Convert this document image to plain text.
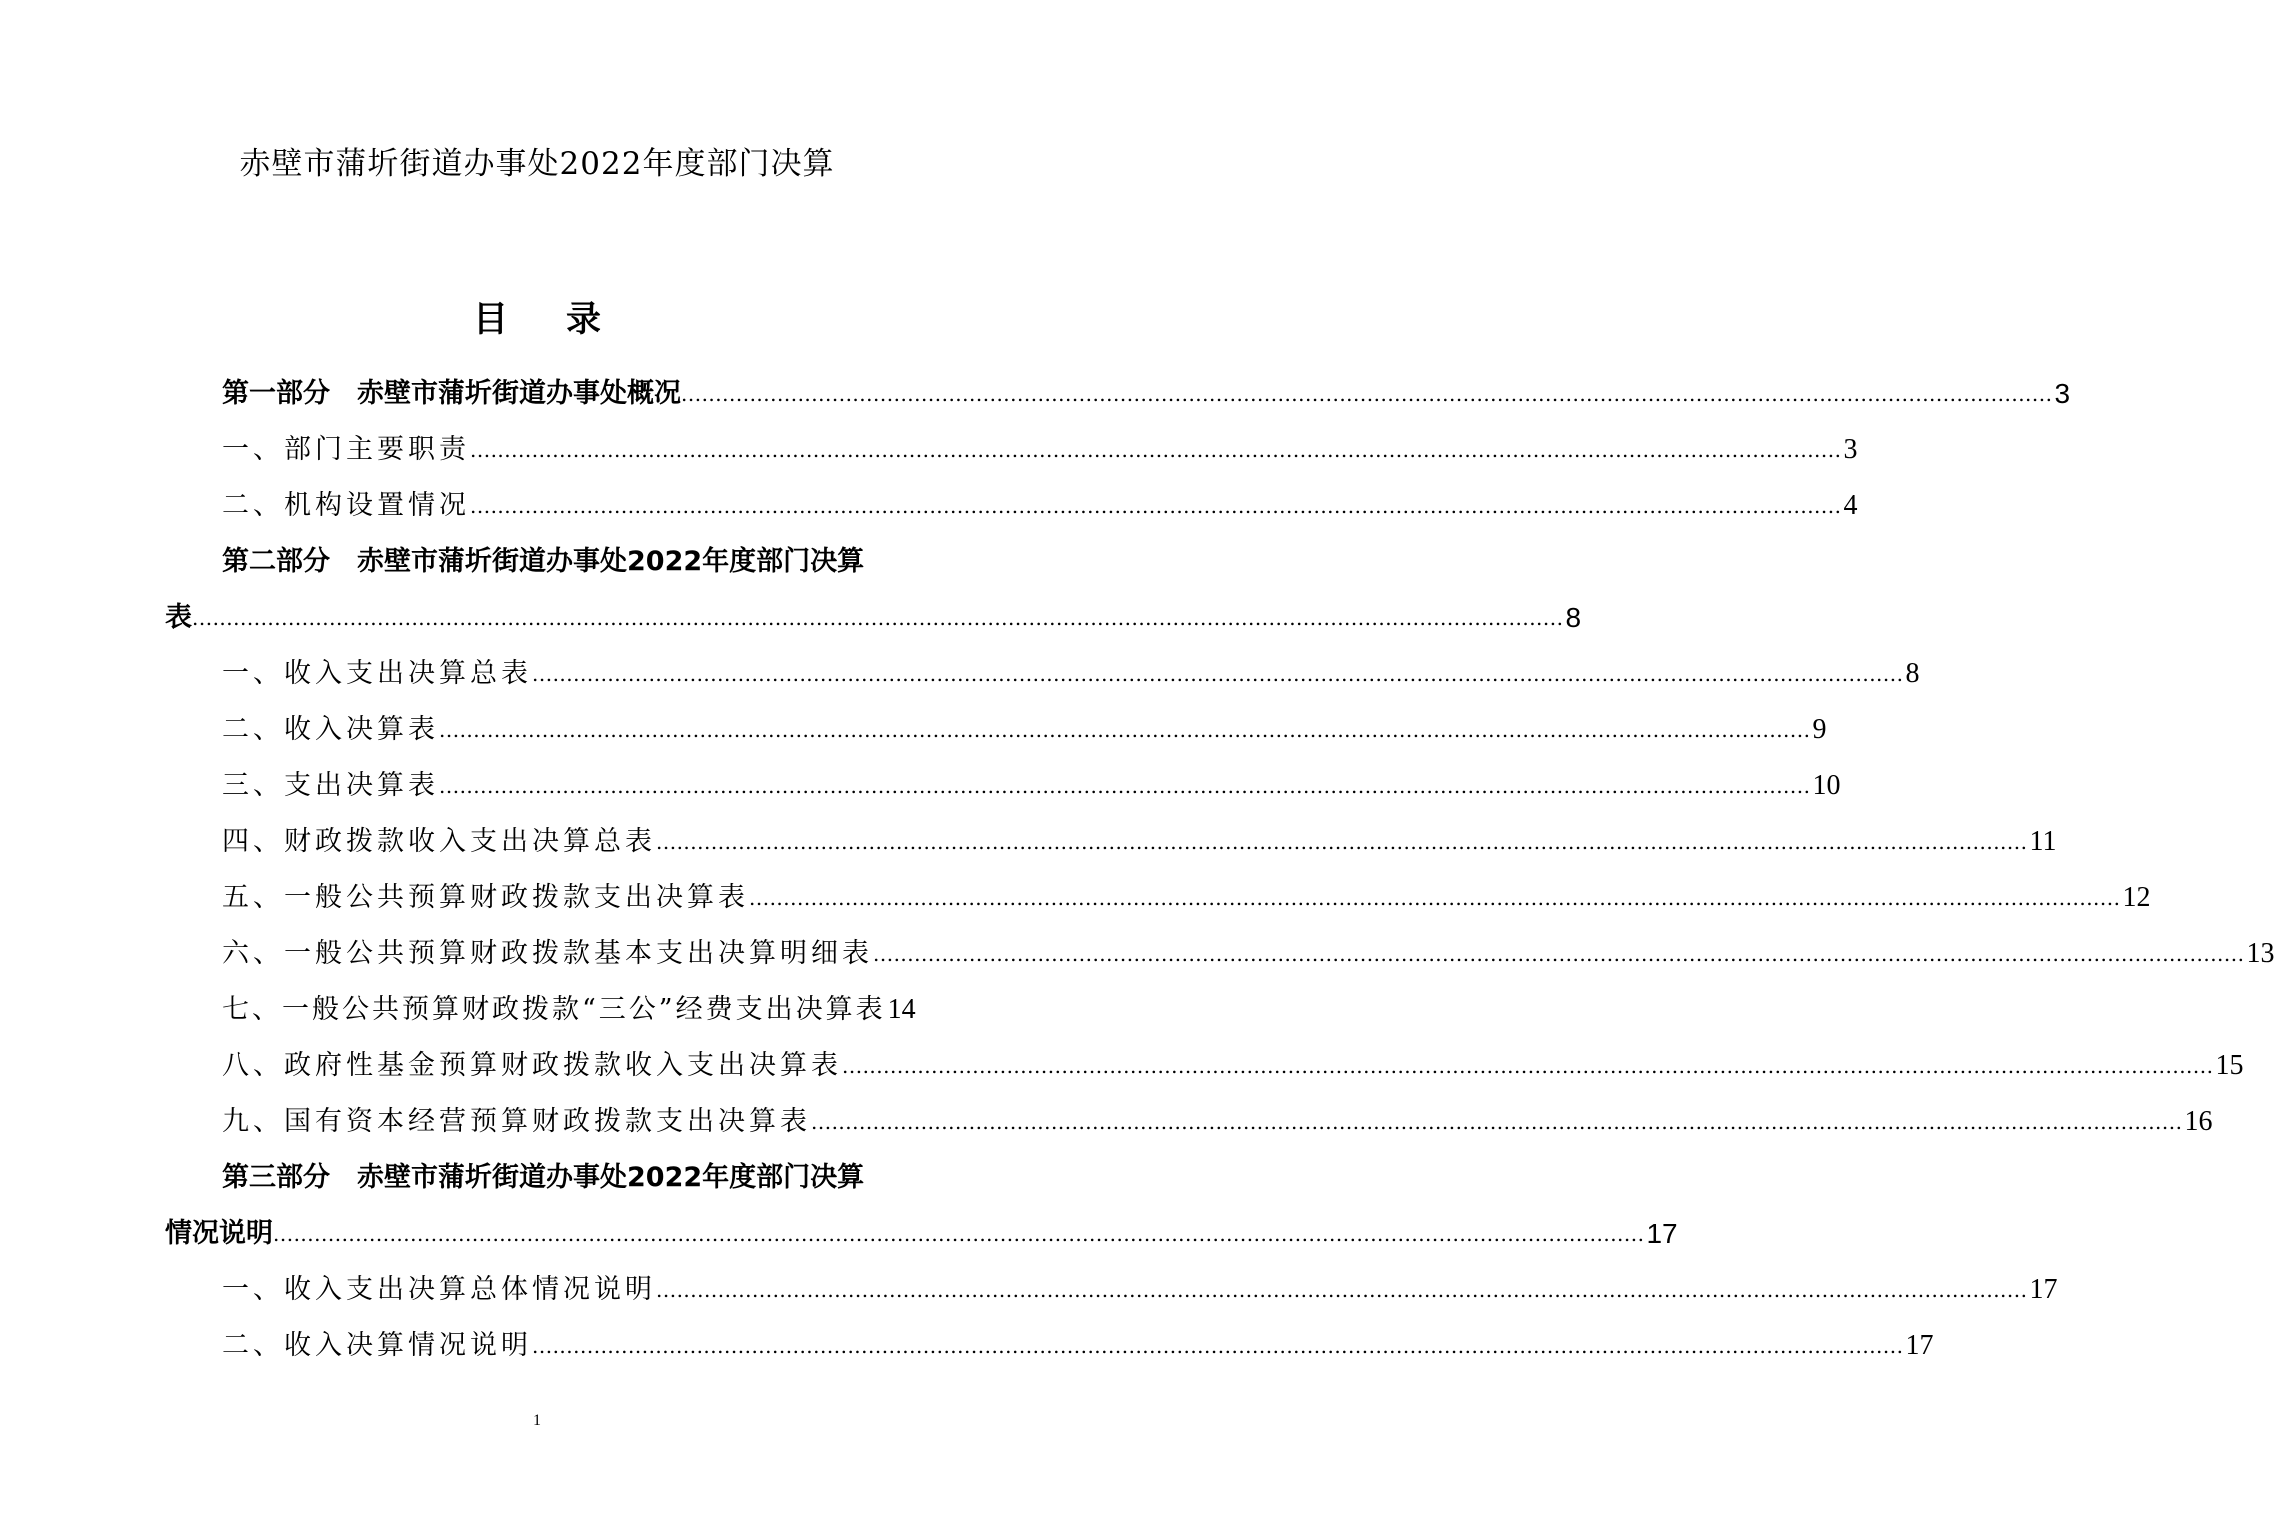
赤壁市蒲圻街道办事处2022年度部门决算
目 录
第一部分　赤壁市蒲圻街道办事处概况 ........................................................................................................................................................................................................ 3
一、部门主要职责 ........................................................................................................................................................................................................ 3
二、机构设置情况 ........................................................................................................................................................................................................ 4
第二部分　赤壁市蒲圻街道办事处2022年度部门决算
表 ........................................................................................................................................................................................................ 8
一、收入支出决算总表 ........................................................................................................................................................................................................ 8
二、收入决算表 ........................................................................................................................................................................................................ 9
三、支出决算表 ........................................................................................................................................................................................................ 10
四、财政拨款收入支出决算总表 ........................................................................................................................................................................................................ 11
五、一般公共预算财政拨款支出决算表 ........................................................................................................................................................................................................ 12
六、一般公共预算财政拨款基本支出决算明细表 ........................................................................................................................................................................................................ 13
七、一般公共预算财政拨款“三公”经费支出决算表 14
八、政府性基金预算财政拨款收入支出决算表 ........................................................................................................................................................................................................ 15
九、国有资本经营预算财政拨款支出决算表 ........................................................................................................................................................................................................ 16
第三部分　赤壁市蒲圻街道办事处2022年度部门决算
情况说明 ........................................................................................................................................................................................................ 17
一、收入支出决算总体情况说明 ........................................................................................................................................................................................................ 17
二、收入决算情况说明 ........................................................................................................................................................................................................ 17
1
